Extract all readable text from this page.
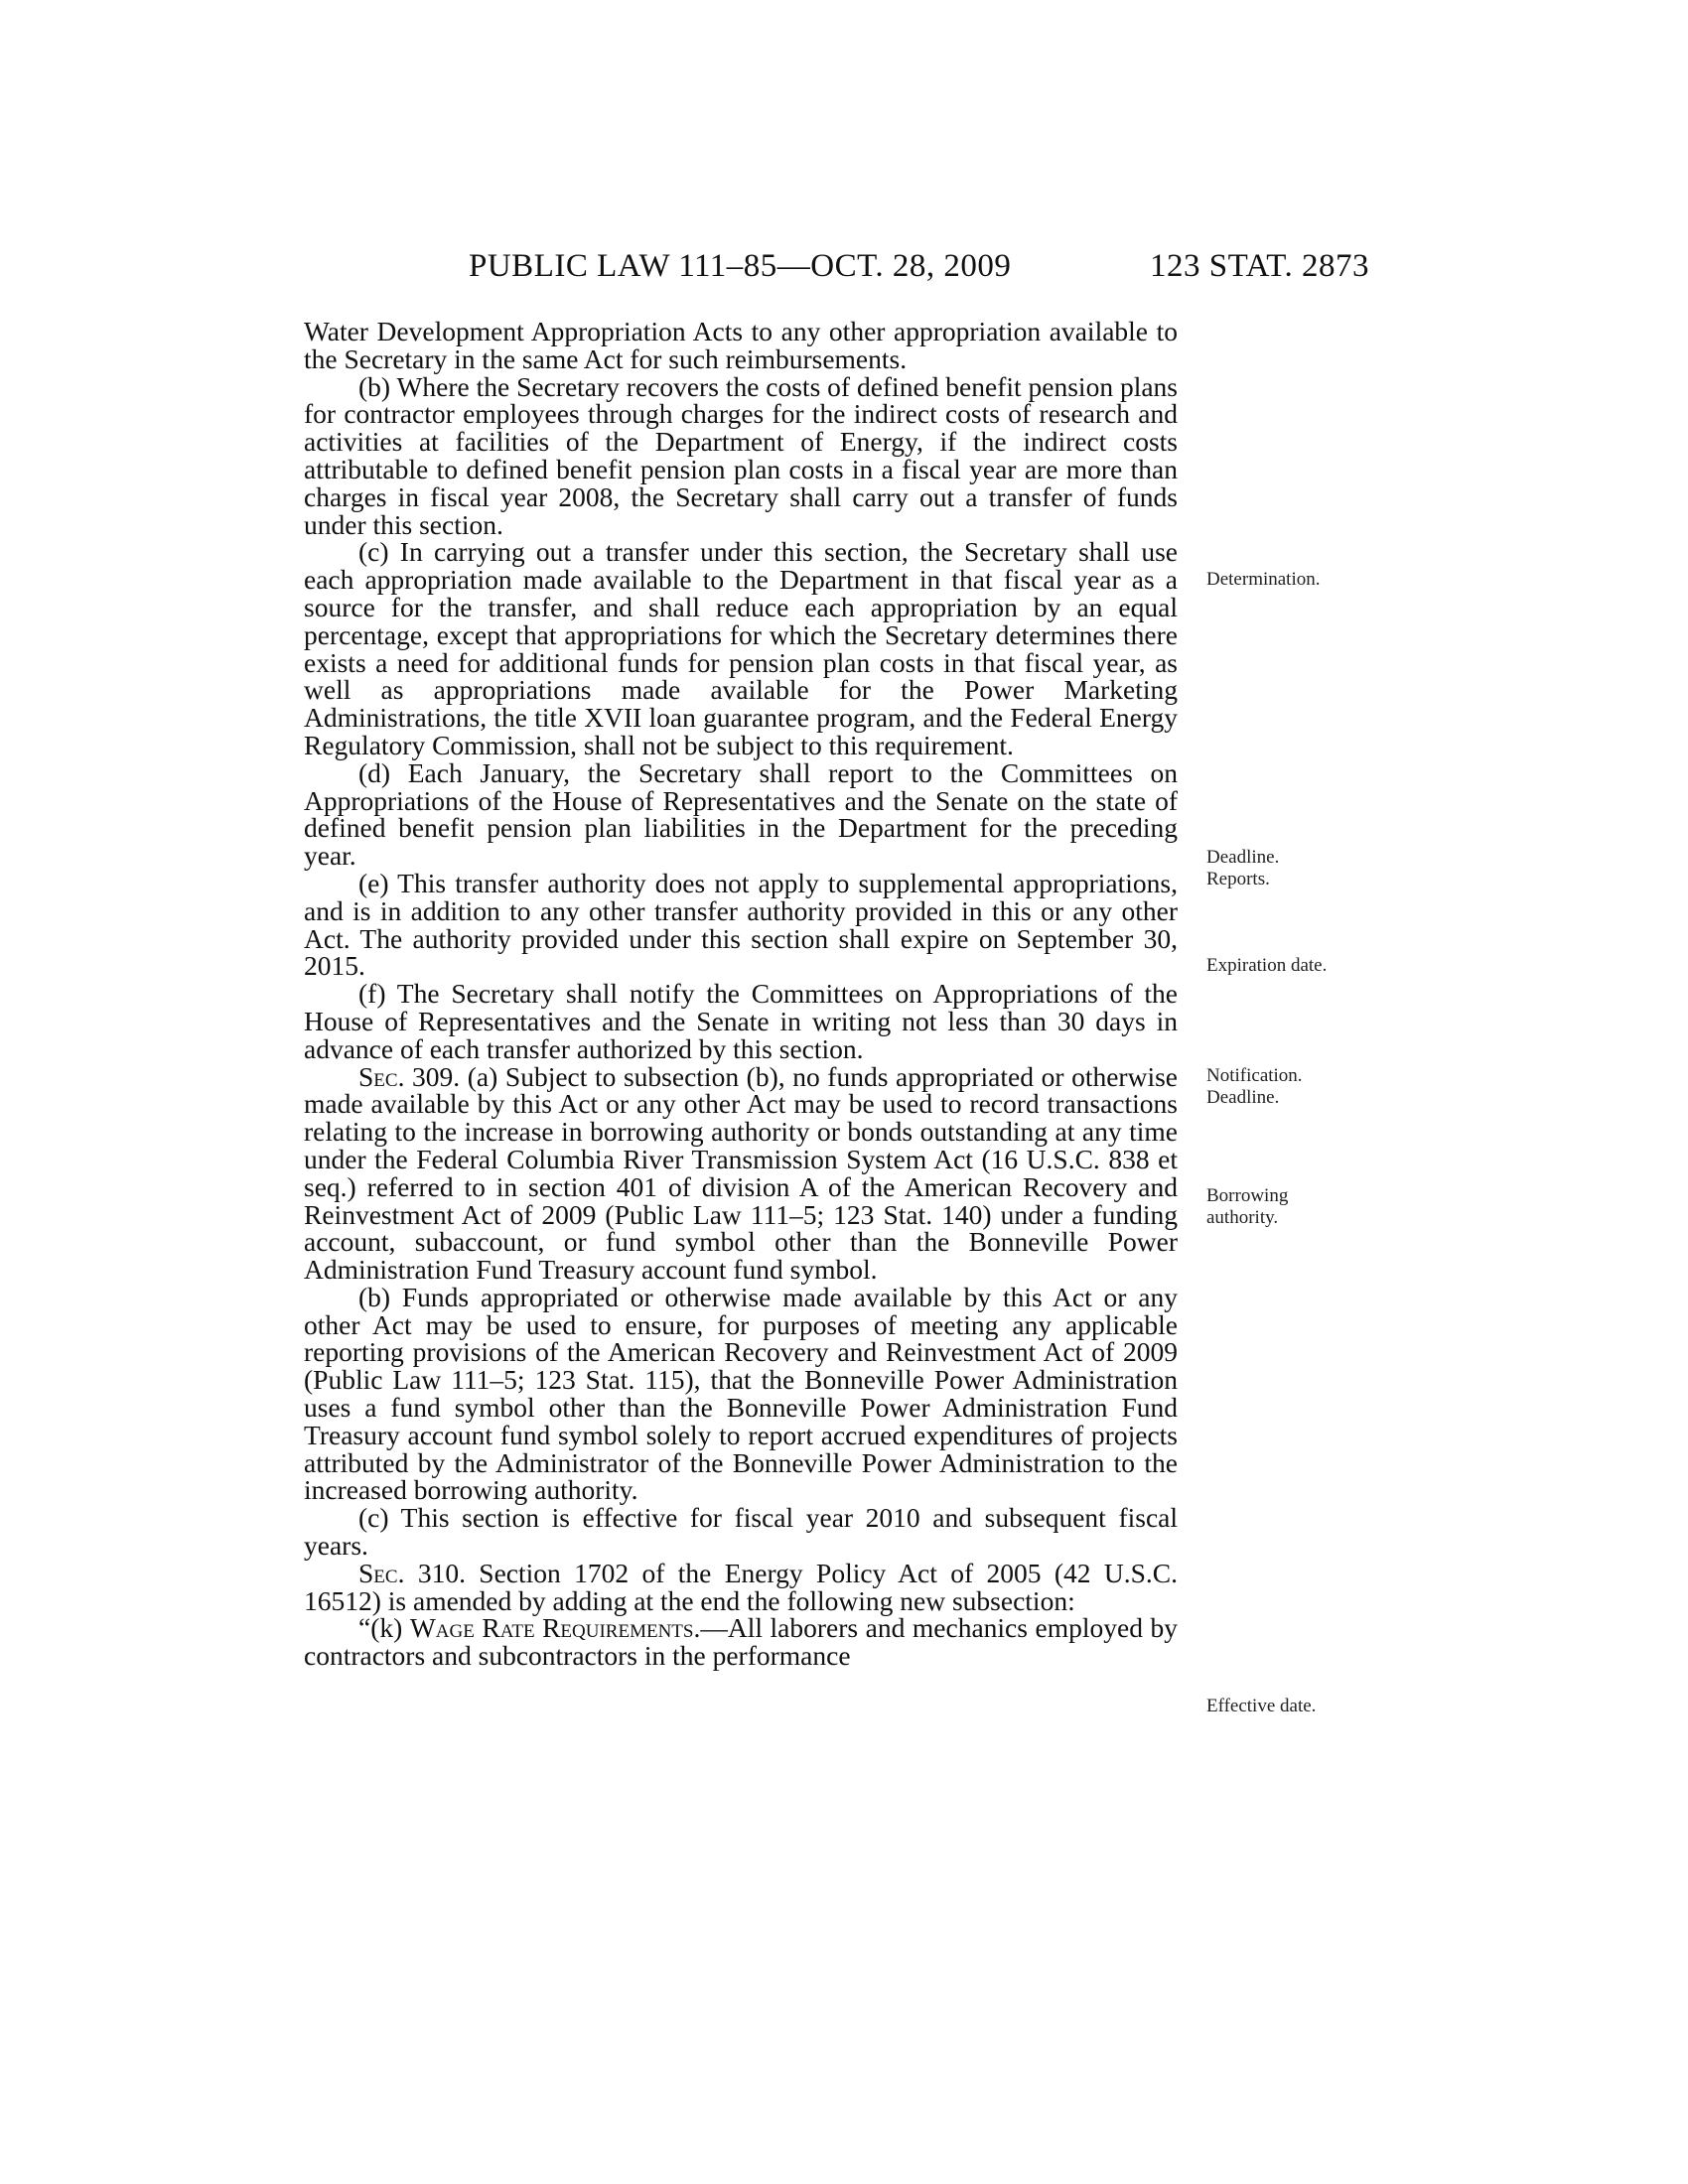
PUBLIC LAW 111–85—OCT. 28, 2009	123 STAT. 2873

Water Development Appropriation Acts to any other appropriation available to the Secretary in the same Act for such reimbursements.

(b) Where the Secretary recovers the costs of defined benefit pension plans for contractor employees through charges for the indirect costs of research and activities at facilities of the Department of Energy, if the indirect costs attributable to defined benefit pension plan costs in a fiscal year are more than charges in fiscal year 2008, the Secretary shall carry out a transfer of funds under this section.

(c) In carrying out a transfer under this section, the Secretary shall use each appropriation made available to the Department in that fiscal year as a source for the transfer, and shall reduce each appropriation by an equal percentage, except that appropriations for which the Secretary determines there exists a need for additional funds for pension plan costs in that fiscal year, as well as appropriations made available for the Power Marketing Administrations, the title XVII loan guarantee program, and the Federal Energy Regulatory Commission, shall not be subject to this requirement.

(d) Each January, the Secretary shall report to the Committees on Appropriations of the House of Representatives and the Senate on the state of defined benefit pension plan liabilities in the Department for the preceding year.

(e) This transfer authority does not apply to supplemental appropriations, and is in addition to any other transfer authority provided in this or any other Act. The authority provided under this section shall expire on September 30, 2015.

(f) The Secretary shall notify the Committees on Appropriations of the House of Representatives and the Senate in writing not less than 30 days in advance of each transfer authorized by this section.

Sec. 309. (a) Subject to subsection (b), no funds appropriated or otherwise made available by this Act or any other Act may be used to record transactions relating to the increase in borrowing authority or bonds outstanding at any time under the Federal Columbia River Transmission System Act (16 U.S.C. 838 et seq.) referred to in section 401 of division A of the American Recovery and Reinvestment Act of 2009 (Public Law 111–5; 123 Stat. 140) under a funding account, subaccount, or fund symbol other than the Bonneville Power Administration Fund Treasury account fund symbol.

(b) Funds appropriated or otherwise made available by this Act or any other Act may be used to ensure, for purposes of meeting any applicable reporting provisions of the American Recovery and Reinvestment Act of 2009 (Public Law 111–5; 123 Stat. 115), that the Bonneville Power Administration uses a fund symbol other than the Bonneville Power Administration Fund Treasury account fund symbol solely to report accrued expenditures of projects attributed by the Administrator of the Bonneville Power Administration to the increased borrowing authority.

(c) This section is effective for fiscal year 2010 and subsequent fiscal years.

Sec. 310. Section 1702 of the Energy Policy Act of 2005 (42 U.S.C. 16512) is amended by adding at the end the following new subsection:

“(k) Wage Rate Requirements.—All laborers and mechanics employed by contractors and subcontractors in the performance

Determination.
Deadline.
Reports.
Expiration date.
Notification.
Deadline.
Borrowing
authority.
Effective date.
